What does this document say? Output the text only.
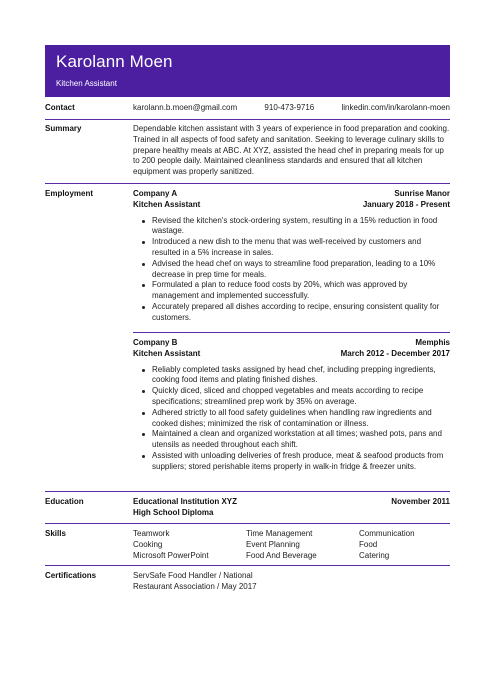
Karolann Moen
Kitchen Assistant
Contact	karolann.b.moen@gmail.com	910-473-9716	linkedin.com/in/karolann-moen
Summary	Dependable kitchen assistant with 3 years of experience in food preparation and cooking. Trained in all aspects of food safety and sanitation. Seeking to leverage culinary skills to prepare healthy meals at ABC. At XYZ, assisted the head chef in preparing meals for up to 200 people daily. Maintained cleanliness standards and ensured that all kitchen equipment was properly sanitized.
Employment	Company A	Sunrise Manor
Kitchen Assistant	January 2018 - Present
Revised the kitchen's stock-ordering system, resulting in a 15% reduction in food wastage.
Introduced a new dish to the menu that was well-received by customers and resulted in a 5% increase in sales.
Advised the head chef on ways to streamline food preparation, leading to a 10% decrease in prep time for meals.
Formulated a plan to reduce food costs by 20%, which was approved by management and implemented successfully.
Accurately prepared all dishes according to recipe, ensuring consistent quality for customers.
Company B	Memphis
Kitchen Assistant	March 2012 - December 2017
Reliably completed tasks assigned by head chef, including prepping ingredients, cooking food items and plating finished dishes.
Quickly diced, sliced and chopped vegetables and meats according to recipe specifications; streamlined prep work by 35% on average.
Adhered strictly to all food safety guidelines when handling raw ingredients and cooked dishes; minimized the risk of contamination or illness.
Maintained a clean and organized workstation at all times; washed pots, pans and utensils as needed throughout each shift.
Assisted with unloading deliveries of fresh produce, meat & seafood products from suppliers; stored perishable items properly in walk-in fridge & freezer units.
Education	Educational Institution XYZ	November 2011
High School Diploma
Skills	Teamwork	Time Management	Communication
Cooking	Event Planning	Food
Microsoft PowerPoint	Food And Beverage	Catering
Certifications	ServSafe Food Handler / National
Restaurant Association / May 2017
